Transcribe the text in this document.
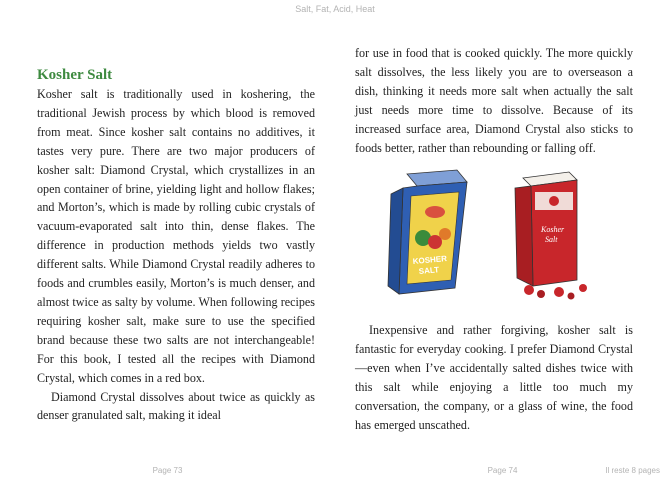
Salt, Fat, Acid, Heat
Kosher Salt

Kosher salt is traditionally used in koshering, the traditional Jewish process by which blood is removed from meat. Since kosher salt contains no additives, it tastes very pure. There are two major producers of kosher salt: Diamond Crystal, which crystallizes in an open container of brine, yielding light and hollow flakes; and Morton’s, which is made by rolling cubic crystals of vacuum-evaporated salt into thin, dense flakes. The difference in production methods yields two vastly different salts. While Diamond Crystal readily adheres to foods and crumbles easily, Morton’s is much denser, and almost twice as salty by volume. When following recipes requiring kosher salt, make sure to use the specified brand because these two salts are not interchangeable! For this book, I tested all the recipes with Diamond Crystal, which comes in a red box.

Diamond Crystal dissolves about twice as quickly as denser granulated salt, making it ideal

for use in food that is cooked quickly. The more quickly salt dissolves, the less likely you are to overseason a dish, thinking it needs more salt when actually the salt just needs more time to dissolve. Because of its increased surface area, Diamond Crystal also sticks to foods better, rather than rebounding or falling off.

KOSHER
SALT
Kosher
Salt

Inexpensive and rather forgiving, kosher salt is fantastic for everyday cooking. I prefer Diamond Crystal—even when I’ve accidentally salted dishes twice with this salt while enjoying a little too much my conversation, the company, or a glass of wine, the food has emerged unscathed.

Page 73	Page 74	Il reste 8 pages
